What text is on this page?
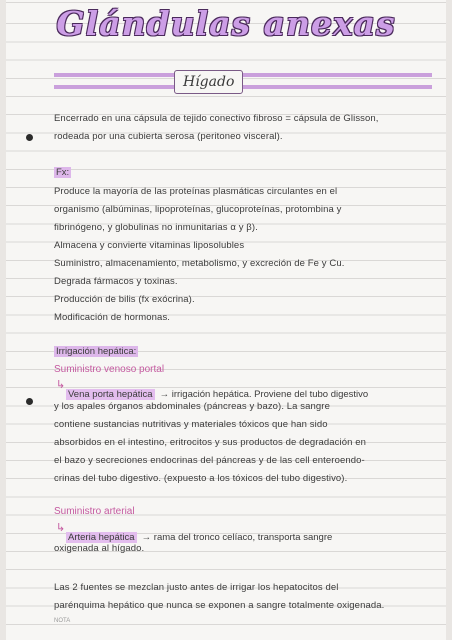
Glándulas anexas
Hígado
Encerrado en una cápsula de tejido conectivo fibroso = cápsula de Glisson,
rodeada por una cubierta serosa (peritoneo visceral).
Fx:
Produce la mayoría de las proteínas plasmáticas circulantes en el
organismo (albúminas, lipoproteínas, glucoproteínas, protombina y
fibrinógeno, y globulinas no inmunitarias α y β).
Almacena y convierte vitaminas liposolubles
Suministro, almacenamiento, metabolismo, y excreción de Fe y Cu.
Degrada fármacos y toxinas.
Producción de bilis (fx exócrina).
Modificación de hormonas.
Irrigación hepática:
Suministro venoso portal
↳
Vena porta hepática → irrigación hepática. Proviene del tubo digestivo
y los apales órganos abdominales (páncreas y bazo). La sangre
contiene sustancias nutritivas y materiales tóxicos que han sido
absorbidos en el intestino, eritrocitos y sus productos de degradación en
el bazo y secreciones endocrinas del páncreas y de las cell enteroendo-
crinas del tubo digestivo. (expuesto a los tóxicos del tubo digestivo).
Suministro arterial
↳
Arteria hepática → rama del tronco celíaco, transporta sangre
oxigenada al hígado.
Las 2 fuentes se mezclan justo antes de irrigar los hepatocitos del
parénquima hepático que nunca se exponen a sangre totalmente oxigenada.
NOTA
